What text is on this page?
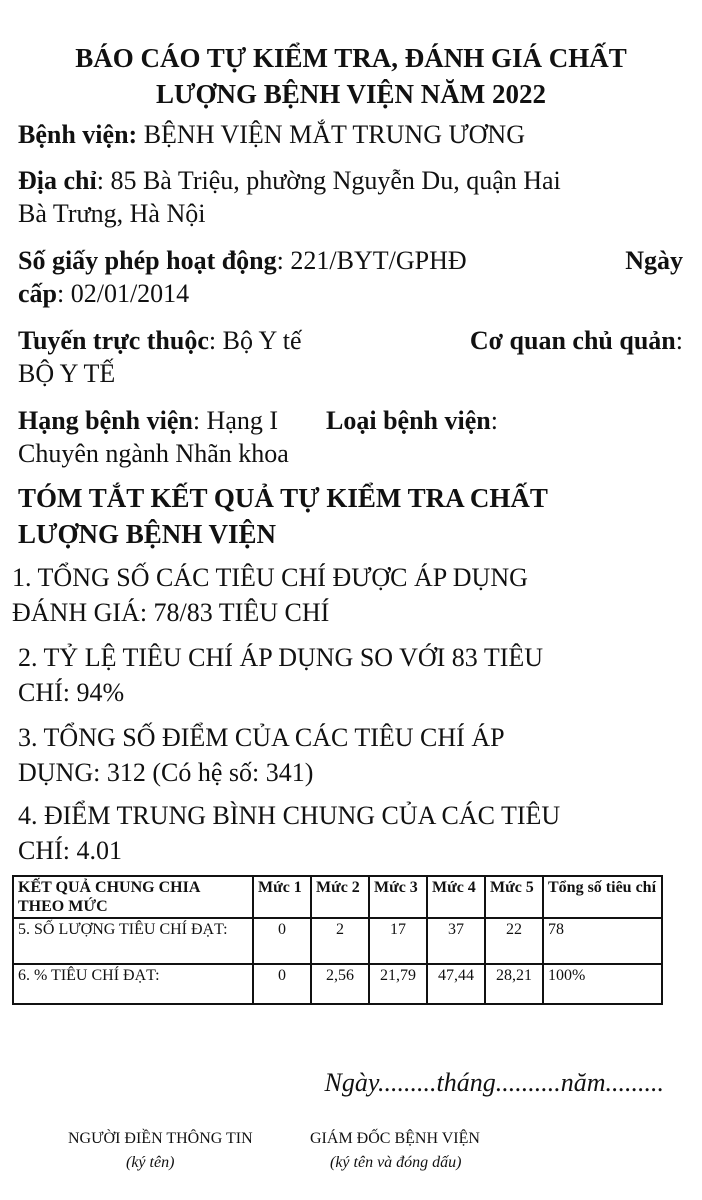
BÁO CÁO TỰ KIỂM TRA, ĐÁNH GIÁ CHẤT
LƯỢNG BỆNH VIỆN NĂM 2022
Bệnh viện: BỆNH VIỆN MẮT TRUNG ƯƠNG
Địa chỉ: 85 Bà Triệu, phường Nguyễn Du, quận Hai
Bà Trưng, Hà Nội
Số giấy phép hoạt động: 221/BYT/GPHĐ	Ngày
cấp: 02/01/2014
Tuyến trực thuộc: Bộ Y tế	Cơ quan chủ quản:
BỘ Y TẾ
Hạng bệnh viện: Hạng I Loại bệnh viện:
Chuyên ngành Nhãn khoa
TÓM TẮT KẾT QUẢ TỰ KIỂM TRA CHẤT
LƯỢNG BỆNH VIỆN
1. TỔNG SỐ CÁC TIÊU CHÍ ĐƯỢC ÁP DỤNG
ĐÁNH GIÁ: 78/83 TIÊU CHÍ
2. TỶ LỆ TIÊU CHÍ ÁP DỤNG SO VỚI 83 TIÊU
CHÍ: 94%
3. TỔNG SỐ ĐIỂM CỦA CÁC TIÊU CHÍ ÁP
DỤNG: 312 (Có hệ số: 341)
4. ĐIỂM TRUNG BÌNH CHUNG CỦA CÁC TIÊU
CHÍ: 4.01
KẾT QUẢ CHUNG CHIA THEO MỨC	Mức 1	Mức 2	Mức 3	Mức 4	Mức 5	Tổng số tiêu chí
5. SỐ LƯỢNG TIÊU CHÍ ĐẠT:	0	2	17	37	22	78
6. % TIÊU CHÍ ĐẠT:	0	2,56	21,79	47,44	28,21	100%
Ngày.........tháng..........năm.........
NGƯỜI ĐIỀN THÔNG TIN
(ký tên)
GIÁM ĐỐC BỆNH VIỆN
(ký tên và đóng dấu)
